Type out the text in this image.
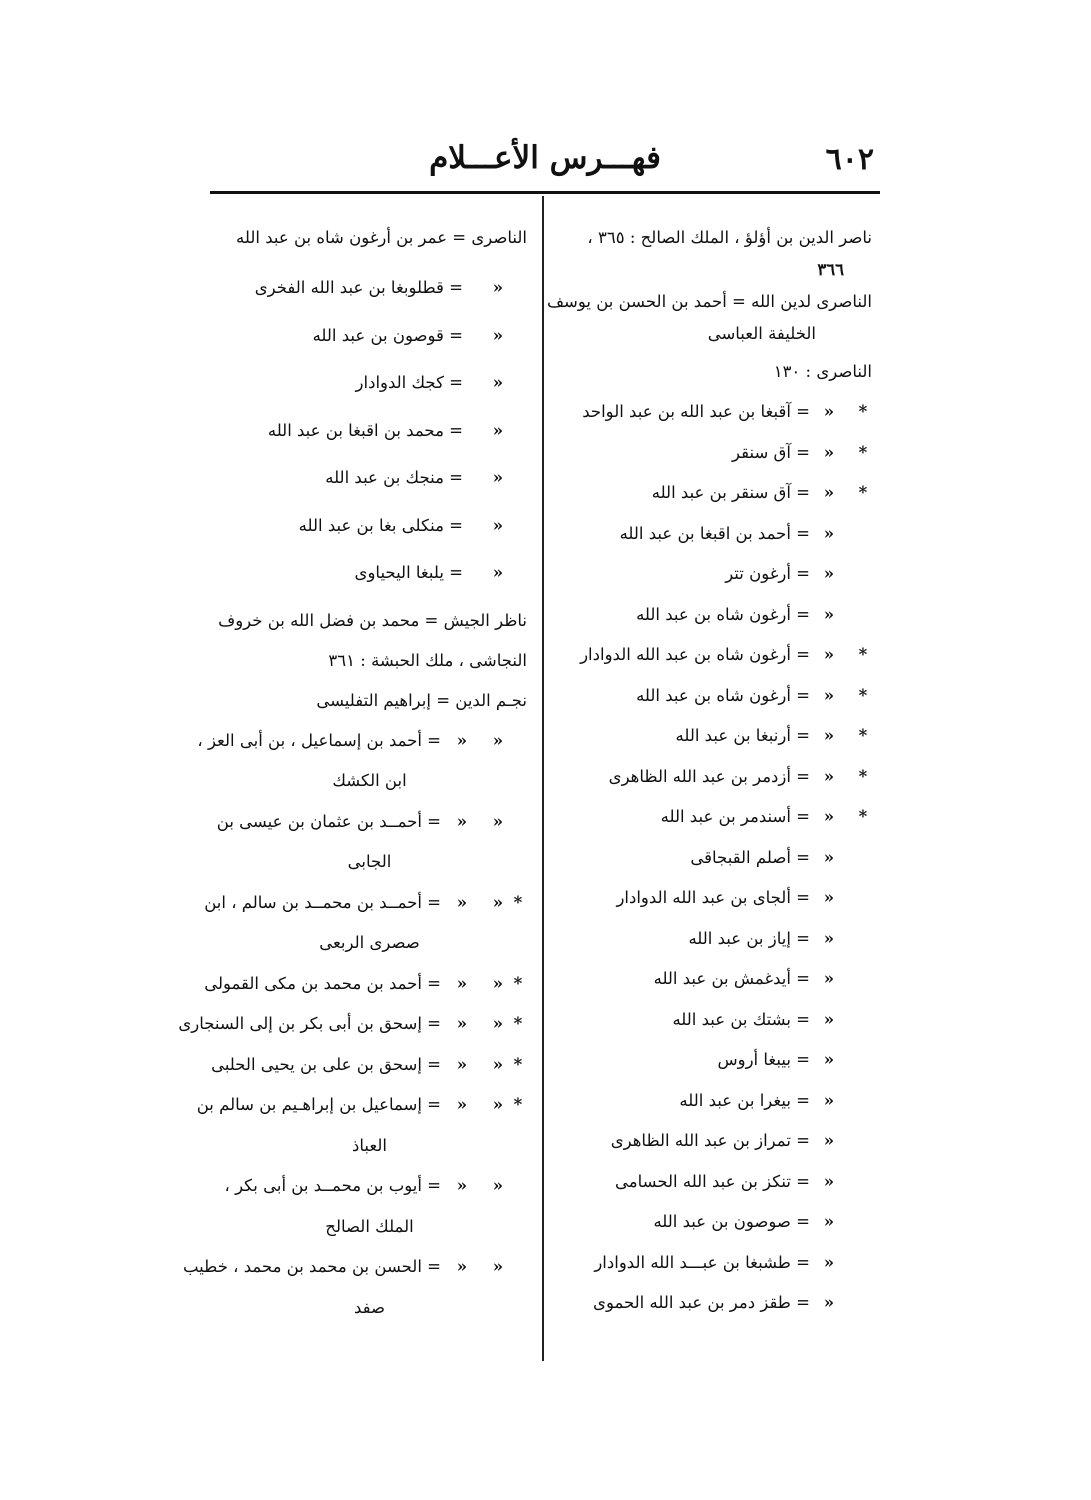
٦٠٢
فهـــرس الأعـــلام
ناصر الدين بن أؤلؤ ، الملك الصالح : ٣٦٥ ،
٣٦٦
الناصرى لدين الله = أحمد بن الحسن بن يوسف
الخليفة العباسى
الناصرى : ١٣٠
*
«
= آقبغا بن عبد الله بن عبد الواحد
*
«
= آق سنقر
*
«
= آق سنقر بن عبد الله
«
= أحمد بن اقبغا بن عبد الله
«
= أرغون تتر
«
= أرغون شاه بن عبد الله
*
«
= أرغون شاه بن عبد الله الدوادار
*
«
= أرغون شاه بن عبد الله
*
«
= أرنبغا بن عبد الله
*
«
= أزدمر بن عبد الله الظاهرى
*
«
= أسندمر بن عبد الله
«
= أصلم القبجاقى
«
= ألجاى بن عبد الله الدوادار
«
= إياز بن عبد الله
«
= أيدغمش بن عبد الله
«
= بشتك بن عبد الله
«
= بيبغا أروس
«
= بيغرا بن عبد الله
«
= تمراز بن عبد الله الظاهرى
«
= تنكز بن عبد الله الحسامى
«
= صوصون بن عبد الله
«
= طشبغا بن عبـــد الله الدوادار
«
= طقز دمر بن عبد الله الحموى
الناصرى = عمر بن أرغون شاه بن عبد الله
«
= قطلوبغا بن عبد الله الفخرى
«
= قوصون بن عبد الله
«
= كجك الدوادار
«
= محمد بن اقبغا بن عبد الله
«
= منجك بن عبد الله
«
= منكلى بغا بن عبد الله
«
= يلبغا اليحياوى
ناظر الجيش = محمد بن فضل الله بن خروف
النجاشى ، ملك الحبشة : ٣٦١
نجـم الدين = إبراهيم التفليسى
«
«
= أحمد بن إسماعيل ، بن أبى العز ،
ابن الكشك
«
«
= أحمــد بن عثمان بن عيسى بن
الجابى
*
«
«
= أحمــد بن محمــد بن سالم ، ابن
صصرى الربعى
*
«
«
= أحمد بن محمد بن مكى القمولى
*
«
«
= إسحق بن أبى بكر بن إلى السنجارى
*
«
«
= إسحق بن على بن يحيى الحلبى
*
«
«
= إسماعيل بن إبراهـيم بن سالم بن
العباذ
«
«
= أيوب بن محمــد بن أبى بكر ،
الملك الصالح
«
«
= الحسن بن محمد بن محمد ، خطيب
صفد
